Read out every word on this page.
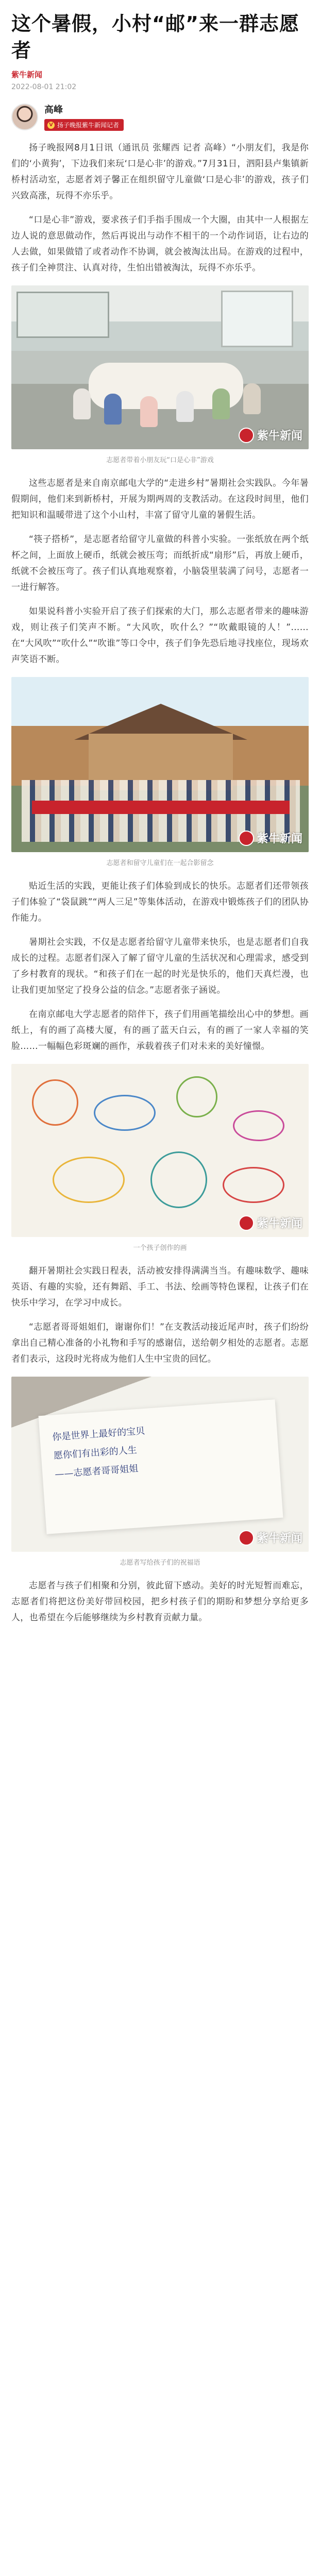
这个暑假，小村“邮”来一群志愿者
紫牛新闻
2022-08-01 21:02
高峰
V 扬子晚报紫牛新闻记者

扬子晚报网8月1日讯（通讯员 张耀西 记者 高峰）“小朋友们，我是你们的‘小黄狗’，下边我们来玩‘口是心非’的游戏。”7月31日，泗阳县卢集镇新桥村活动室，志愿者刘子馨正在组织留守儿童做‘口是心非’的游戏，孩子们兴致高涨，玩得不亦乐乎。

“口是心非”游戏，要求孩子们手指手围成一个大圈，由其中一人根据左边人说的意思做动作，然后再说出与动作不相干的一个动作词语，让右边的人去做，如果做错了或者动作不协调，就会被淘汰出局。在游戏的过程中，孩子们全神贯注、认真对待，生怕出错被淘汰，玩得不亦乐乎。

紫牛新闻
志愿者带着小朋友玩“口是心非”游戏

这些志愿者是来自南京邮电大学的“走进乡村”暑期社会实践队。今年暑假期间，他们来到新桥村，开展为期两周的支教活动。在这段时间里，他们把知识和温暖带进了这个小山村，丰富了留守儿童的暑假生活。

“筷子搭桥”，是志愿者给留守儿童做的科普小实验。一张纸放在两个纸杯之间，上面放上硬币，纸就会被压弯；而纸折成“扇形”后，再放上硬币，纸就不会被压弯了。孩子们认真地观察着，小脑袋里装满了问号，志愿者一一进行解答。

如果说科普小实验开启了孩子们探索的大门，那么志愿者带来的趣味游戏，则让孩子们笑声不断。“大风吹，吹什么？”“吹戴眼镜的人！”……在“大风吹”“吹什么”“吹谁”等口令中，孩子们争先恐后地寻找座位，现场欢声笑语不断。

紫牛新闻
志愿者和留守儿童们在一起合影留念

贴近生活的实践，更能让孩子们体验到成长的快乐。志愿者们还带领孩子们体验了“袋鼠跳”“两人三足”等集体活动，在游戏中锻炼孩子们的团队协作能力。

暑期社会实践，不仅是志愿者给留守儿童带来快乐，也是志愿者们自我成长的过程。志愿者们深入了解了留守儿童的生活状况和心理需求，感受到了乡村教育的现状。“和孩子们在一起的时光是快乐的，他们天真烂漫，也让我们更加坚定了投身公益的信念。”志愿者张子涵说。

在南京邮电大学志愿者的陪伴下，孩子们用画笔描绘出心中的梦想。画纸上，有的画了高楼大厦，有的画了蓝天白云，有的画了一家人幸福的笑脸……一幅幅色彩斑斓的画作，承载着孩子们对未来的美好憧憬。

紫牛新闻
一个孩子创作的画

翻开暑期社会实践日程表，活动被安排得满满当当。有趣味数学、趣味英语、有趣的实验，还有舞蹈、手工、书法、绘画等特色课程，让孩子们在快乐中学习，在学习中成长。

“志愿者哥哥姐姐们，谢谢你们！”在支教活动接近尾声时，孩子们纷纷拿出自己精心准备的小礼物和手写的感谢信，送给朝夕相处的志愿者。志愿者们表示，这段时光将成为他们人生中宝贵的回忆。

你是世界上最好的宝贝
愿你们有出彩的人生
——志愿者哥哥姐姐
紫牛新闻
志愿者写给孩子们的祝福语

志愿者与孩子们相聚和分别，彼此留下感动。美好的时光短暂而难忘，志愿者们将把这份美好带回校园，把乡村孩子们的期盼和梦想分享给更多人，也希望在今后能够继续为乡村教育贡献力量。
